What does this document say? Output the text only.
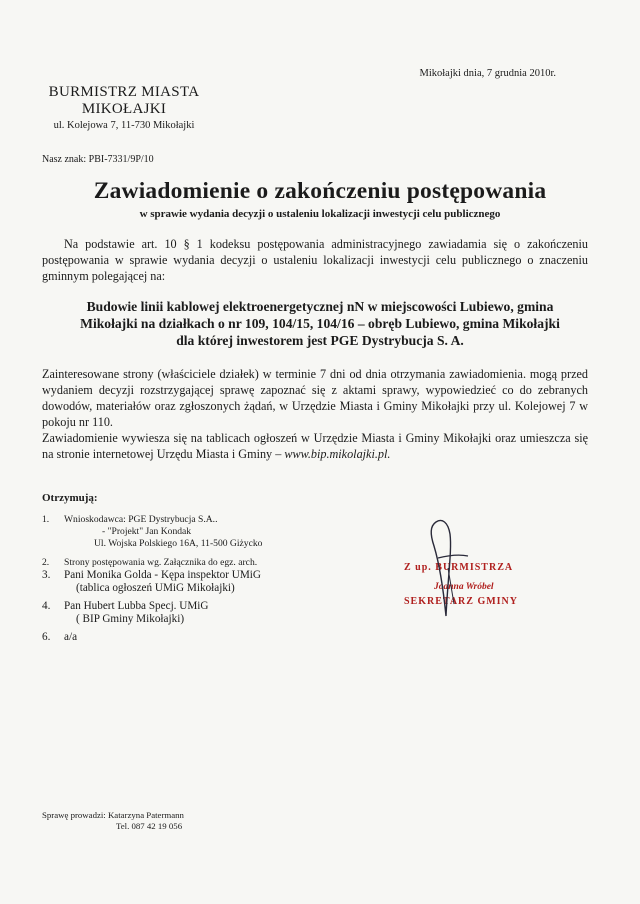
Mikołajki dnia, 7 grudnia 2010r.
BURMISTRZ MIASTA
MIKOŁAJKI
ul. Kolejowa 7, 11-730 Mikołajki
Nasz znak: PBI-7331/9P/10
Zawiadomienie o zakończeniu postępowania
w sprawie wydania decyzji o ustaleniu lokalizacji inwestycji celu publicznego

Na podstawie art. 10 § 1 kodeksu postępowania administracyjnego zawiadamia się o zakończeniu postępowania w sprawie wydania decyzji o ustaleniu lokalizacji inwestycji celu publicznego o znaczeniu gminnym polegającej na:

Budowie linii kablowej elektroenergetycznej nN w miejscowości Lubiewo, gmina
Mikołajki na działkach o nr 109, 104/15, 104/16 – obręb Lubiewo, gmina Mikołajki
dla której inwestorem jest PGE Dystrybucja S. A.

Zainteresowane strony (właściciele działek) w terminie 7 dni od dnia otrzymania zawiadomienia. mogą przed wydaniem decyzji rozstrzygającej sprawę zapoznać się z aktami sprawy, wypowiedzieć co do zebranych dowodów, materiałów oraz zgłoszonych żądań, w Urzędzie Miasta i Gminy Mikołajki przy ul. Kolejowej 7 w pokoju nr 110.

Zawiadomienie wywiesza się na tablicach ogłoszeń w Urzędzie Miasta i Gminy Mikołajki oraz umieszcza się na stronie internetowej Urzędu Miasta i Gminy – www.bip.mikolajki.pl.

Otrzymują:
1. Wnioskodawca: PGE Dystrybucja S.A..
- "Projekt" Jan Kondak
Ul. Wojska Polskiego 16A, 11-500 Giżycko
2. Strony postępowania wg. Załącznika do egz. arch.
3. Pani Monika Golda - Kępa inspektor UMiG
(tablica ogłoszeń UMiG Mikołajki)
4. Pan Hubert Lubba Specj. UMiG
( BIP Gminy Mikołajki)
6. a/a
Z up. BURMISTRZA
Joanna Wróbel
SEKRETARZ GMINY
Sprawę prowadzi: Katarzyna Patermann
Tel. 087 42 19 056
